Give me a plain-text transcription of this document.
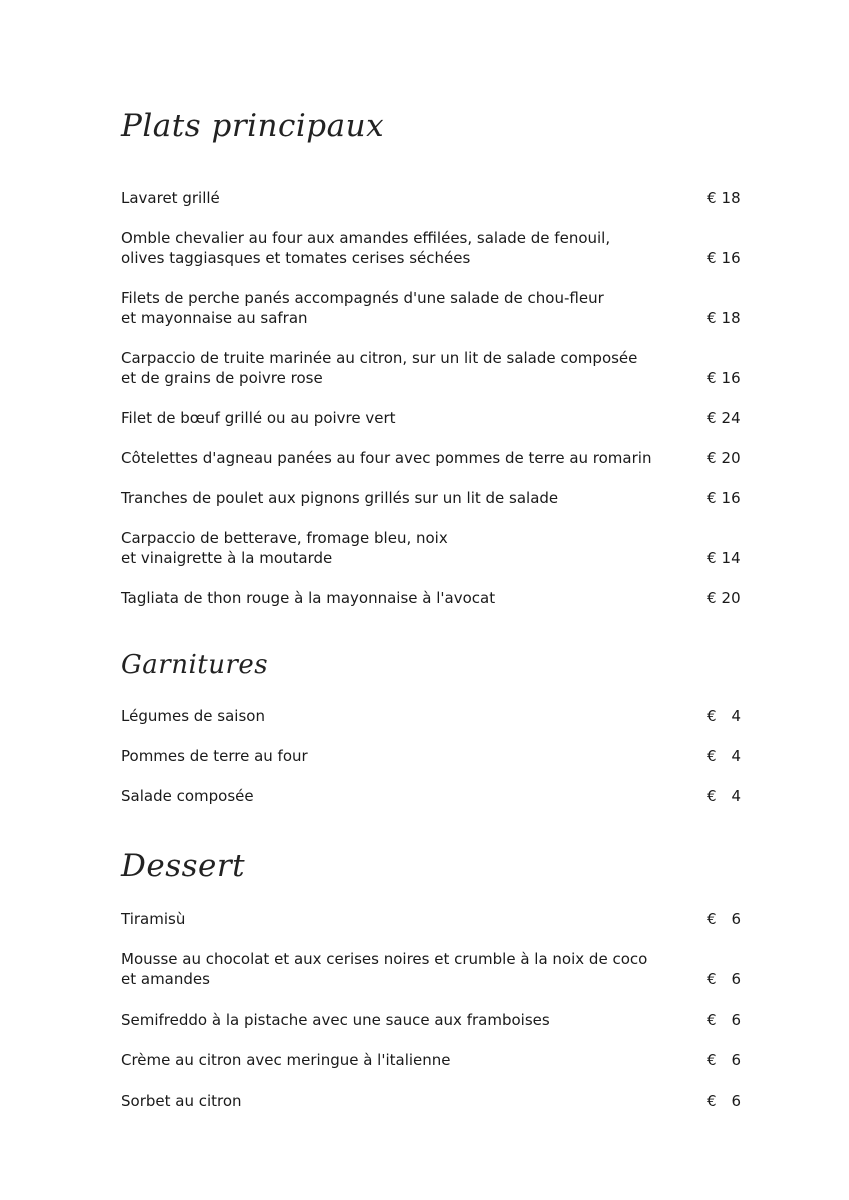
Plats principaux
Lavaret grillé	€ 18
Omble chevalier au four aux amandes effilées, salade de fenouil,
olives taggiasques et tomates cerises séchées	€ 16
Filets de perche panés accompagnés d'une salade de chou-fleur
et mayonnaise au safran	€ 18
Carpaccio de truite marinée au citron, sur un lit de salade composée
et de grains de poivre rose	€ 16
Filet de bœuf grillé ou au poivre vert	€ 24
Côtelettes d'agneau panées au four avec pommes de terre au romarin	€ 20
Tranches de poulet aux pignons grillés sur un lit de salade	€ 16
Carpaccio de betterave, fromage bleu, noix
et vinaigrette à la moutarde	€ 14
Tagliata de thon rouge à la mayonnaise à l'avocat	€ 20
Garnitures
Légumes de saison	€ 4
Pommes de terre au four	€ 4
Salade composée	€ 4
Dessert
Tiramisù	€ 6
Mousse au chocolat et aux cerises noires et crumble à la noix de coco
et amandes	€ 6
Semifreddo à la pistache avec une sauce aux framboises	€ 6
Crème au citron avec meringue à l'italienne	€ 6
Sorbet au citron	€ 6
